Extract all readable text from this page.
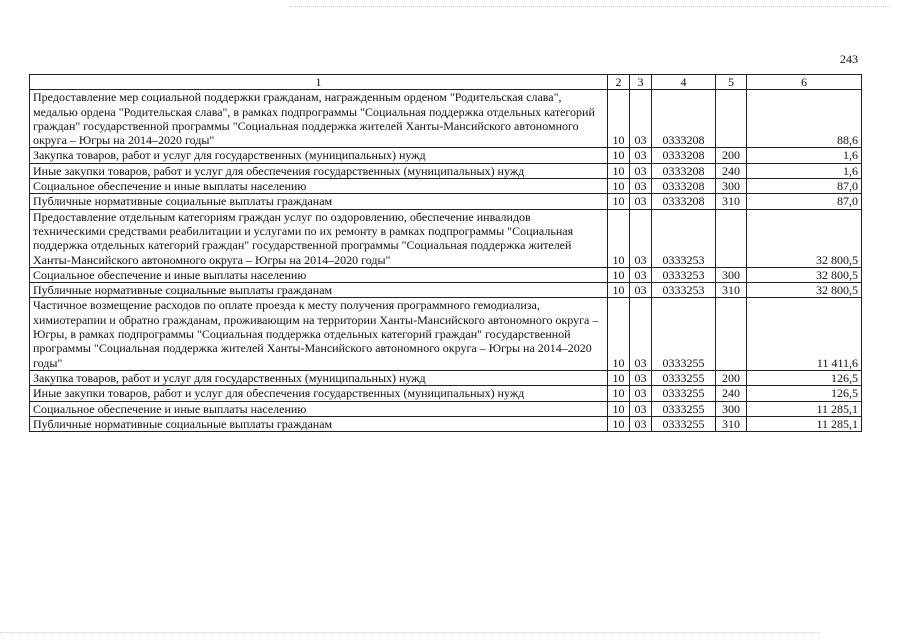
243
1	2	3	4	5	6
Предоставление мер социальной поддержки гражданам, награжденным орденом "Родительская слава", медалью ордена "Родительская слава", в рамках подпрограммы "Социальная поддержка отдельных категорий граждан" государственной программы "Социальная поддержка жителей Ханты-Мансийского автономного округа – Югры на 2014–2020 годы"	10	03	0333208		88,6
Закупка товаров, работ и услуг для государственных (муниципальных) нужд	10	03	0333208	200	1,6
Иные закупки товаров, работ и услуг для обеспечения государственных (муниципальных) нужд	10	03	0333208	240	1,6
Социальное обеспечение и иные выплаты населению	10	03	0333208	300	87,0
Публичные нормативные социальные выплаты гражданам	10	03	0333208	310	87,0
Предоставление отдельным категориям граждан услуг по оздоровлению, обеспечение инвалидов техническими средствами реабилитации и услугами по их ремонту в рамках подпрограммы "Социальная поддержка отдельных категорий граждан" государственной программы "Социальная поддержка жителей Ханты-Мансийского автономного округа – Югры на 2014–2020 годы"	10	03	0333253		32 800,5
Социальное обеспечение и иные выплаты населению	10	03	0333253	300	32 800,5
Публичные нормативные социальные выплаты гражданам	10	03	0333253	310	32 800,5
Частичное возмещение расходов по оплате проезда к месту получения программного гемодиализа, химиотерапии и обратно гражданам, проживающим на территории Ханты-Мансийского автономного округа – Югры, в рамках подпрограммы "Социальная поддержка отдельных категорий граждан" государственной программы "Социальная поддержка жителей Ханты-Мансийского автономного округа – Югры на 2014–2020 годы"	10	03	0333255		11 411,6
Закупка товаров, работ и услуг для государственных (муниципальных) нужд	10	03	0333255	200	126,5
Иные закупки товаров, работ и услуг для обеспечения государственных (муниципальных) нужд	10	03	0333255	240	126,5
Социальное обеспечение и иные выплаты населению	10	03	0333255	300	11 285,1
Публичные нормативные социальные выплаты гражданам	10	03	0333255	310	11 285,1
